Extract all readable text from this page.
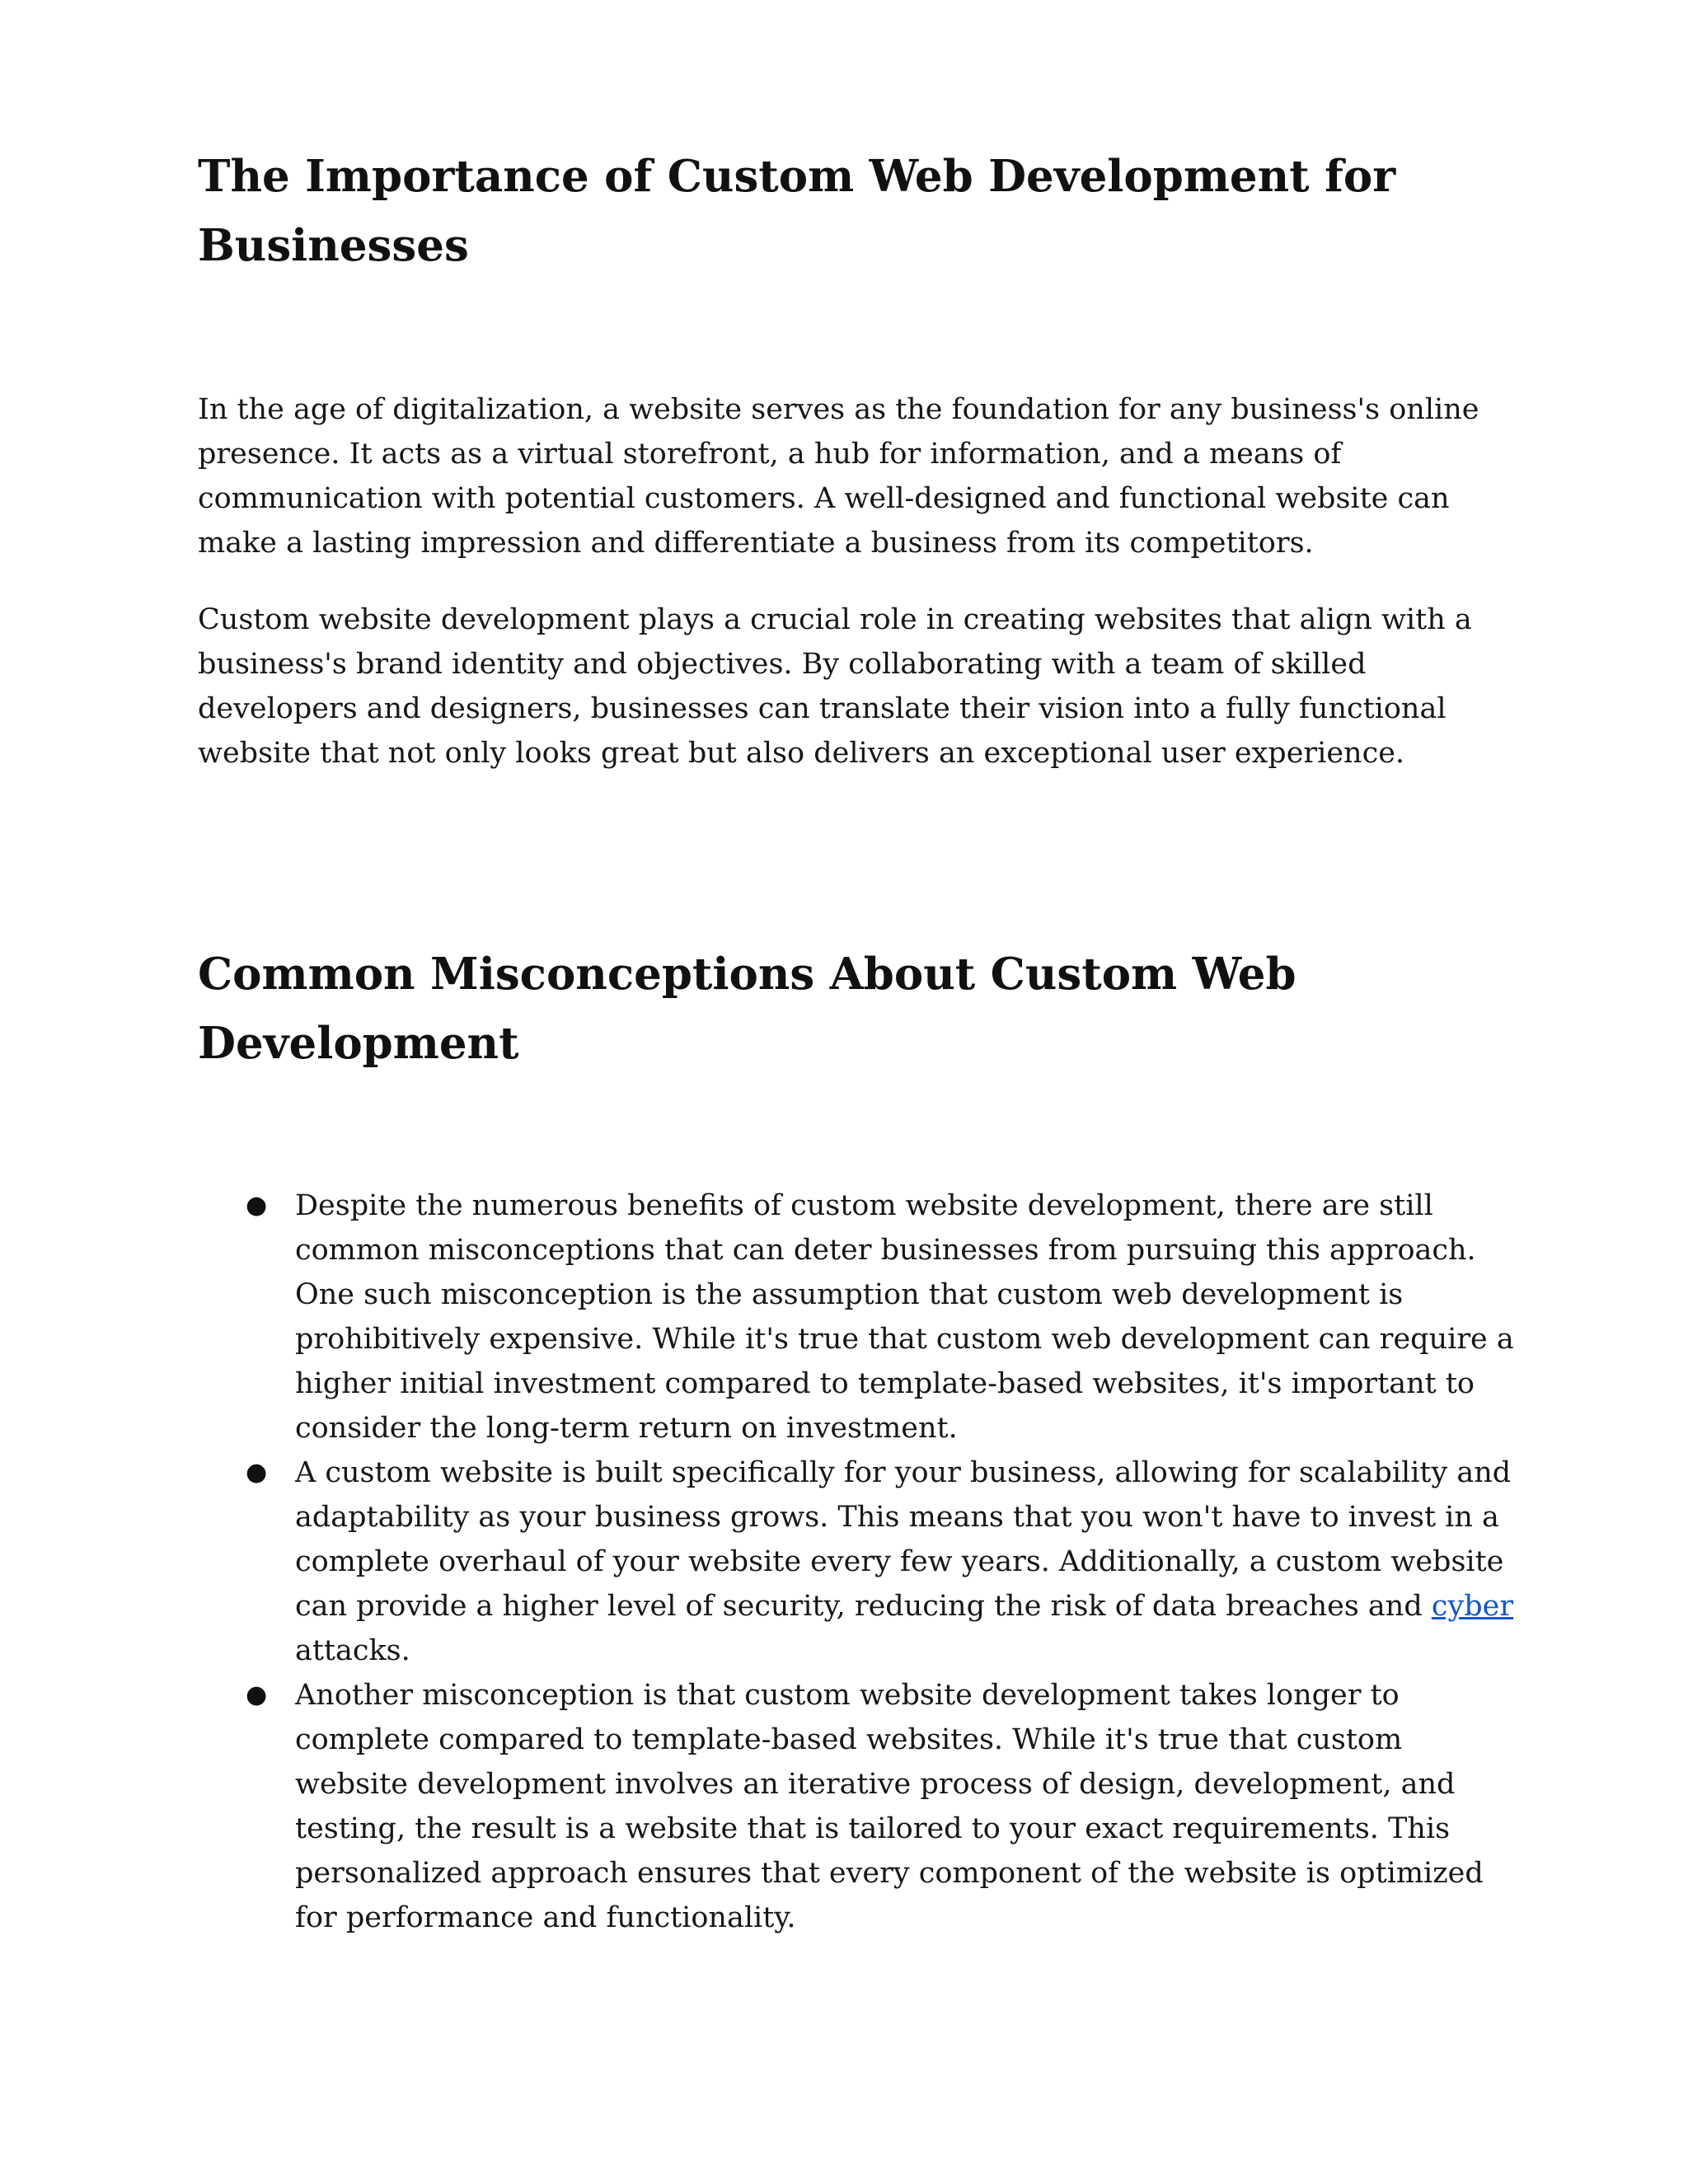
The Importance of Custom Web Development for Businesses

In the age of digitalization, a website serves as the foundation for any business's online presence. It acts as a virtual storefront, a hub for information, and a means of communication with potential customers. A well-designed and functional website can make a lasting impression and differentiate a business from its competitors.

Custom website development plays a crucial role in creating websites that align with a business's brand identity and objectives. By collaborating with a team of skilled developers and designers, businesses can translate their vision into a fully functional website that not only looks great but also delivers an exceptional user experience.

Common Misconceptions About Custom Web Development
● Despite the numerous benefits of custom website development, there are still common misconceptions that can deter businesses from pursuing this approach. One such misconception is the assumption that custom web development is prohibitively expensive. While it's true that custom web development can require a higher initial investment compared to template-based websites, it's important to consider the long-term return on investment.
● A custom website is built specifically for your business, allowing for scalability and adaptability as your business grows. This means that you won't have to invest in a complete overhaul of your website every few years. Additionally, a custom website can provide a higher level of security, reducing the risk of data breaches and cyber attacks.
● Another misconception is that custom website development takes longer to complete compared to template-based websites. While it's true that custom website development involves an iterative process of design, development, and testing, the result is a website that is tailored to your exact requirements. This personalized approach ensures that every component of the website is optimized for performance and functionality.
